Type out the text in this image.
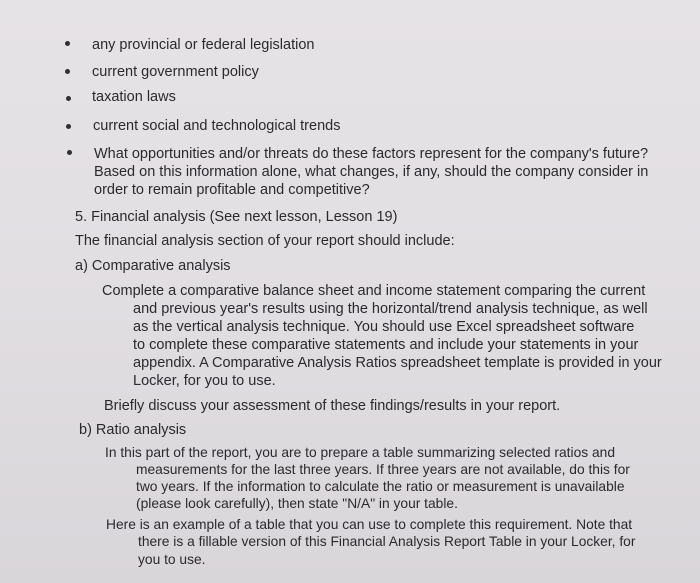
any provincial or federal legislation
current government policy
taxation laws
current social and technological trends
What opportunities and/or threats do these factors represent for the company's future?
Based on this information alone, what changes, if any, should the company consider in
order to remain profitable and competitive?
5. Financial analysis (See next lesson, Lesson 19)
The financial analysis section of your report should include:
a) Comparative analysis
Complete a comparative balance sheet and income statement comparing the current
and previous year's results using the horizontal/trend analysis technique, as well
as the vertical analysis technique. You should use Excel spreadsheet software
to complete these comparative statements and include your statements in your
appendix. A Comparative Analysis Ratios spreadsheet template is provided in your
Locker, for you to use.
Briefly discuss your assessment of these findings/results in your report.
b) Ratio analysis
In this part of the report, you are to prepare a table summarizing selected ratios and
measurements for the last three years. If three years are not available, do this for
two years. If the information to calculate the ratio or measurement is unavailable
(please look carefully), then state "N/A" in your table.
Here is an example of a table that you can use to complete this requirement. Note that
there is a fillable version of this Financial Analysis Report Table in your Locker, for
you to use.
